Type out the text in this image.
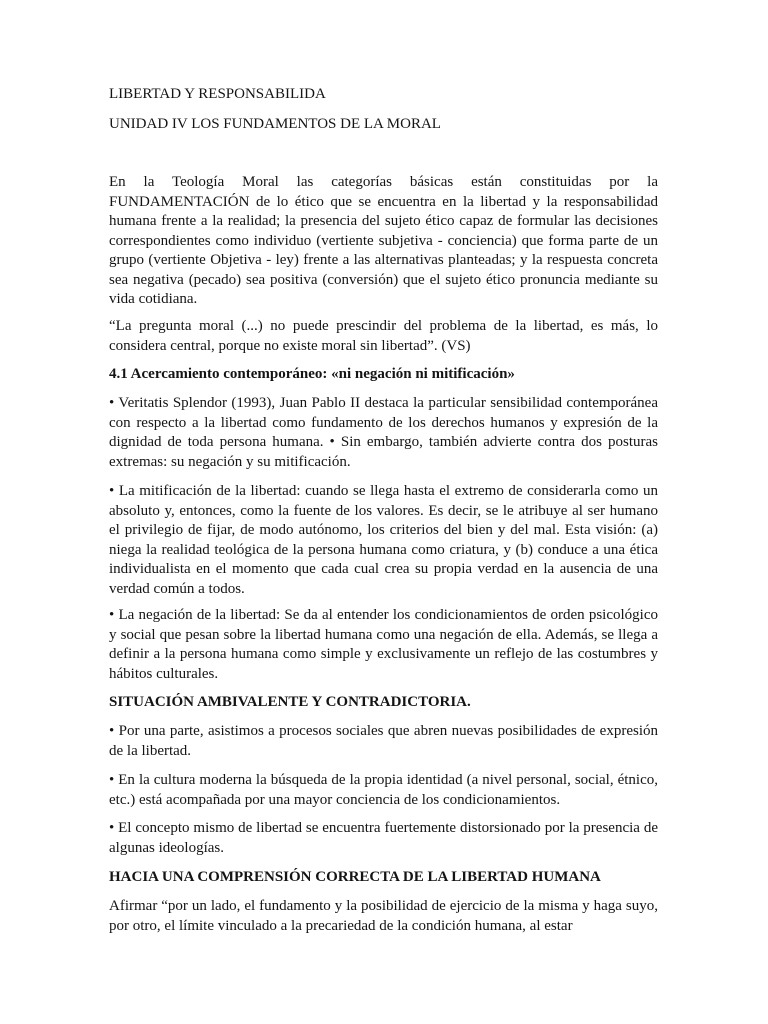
LIBERTAD Y RESPONSABILIDA

UNIDAD IV LOS FUNDAMENTOS DE LA MORAL

En la Teología Moral las categorías básicas están constituidas por la FUNDAMENTACIÓN de lo ético que se encuentra en la libertad y la responsabilidad humana frente a la realidad; la presencia del sujeto ético capaz de formular las decisiones correspondientes como individuo (vertiente subjetiva - conciencia) que forma parte de un grupo (vertiente Objetiva - ley) frente a las alternativas planteadas; y la respuesta concreta sea negativa (pecado) sea positiva (conversión) que el sujeto ético pronuncia mediante su vida cotidiana.

“La pregunta moral (...) no puede prescindir del problema de la libertad, es más, lo considera central, porque no existe moral sin libertad”. (VS)

4.1 Acercamiento contemporáneo: «ni negación ni mitificación»

• Veritatis Splendor (1993), Juan Pablo II destaca la particular sensibilidad contemporánea con respecto a la libertad como fundamento de los derechos humanos y expresión de la dignidad de toda persona humana. • Sin embargo, también advierte contra dos posturas extremas: su negación y su mitificación.

• La mitificación de la libertad: cuando se llega hasta el extremo de considerarla como un absoluto y, entonces, como la fuente de los valores. Es decir, se le atribuye al ser humano el privilegio de fijar, de modo autónomo, los criterios del bien y del mal. Esta visión: (a) niega la realidad teológica de la persona humana como criatura, y (b) conduce a una ética individualista en el momento que cada cual crea su propia verdad en la ausencia de una verdad común a todos.

• La negación de la libertad: Se da al entender los condicionamientos de orden psicológico y social que pesan sobre la libertad humana como una negación de ella. Además, se llega a definir a la persona humana como simple y exclusivamente un reflejo de las costumbres y hábitos culturales.

SITUACIÓN AMBIVALENTE Y CONTRADICTORIA.

• Por una parte, asistimos a procesos sociales que abren nuevas posibilidades de expresión de la libertad.

• En la cultura moderna la búsqueda de la propia identidad (a nivel personal, social, étnico, etc.) está acompañada por una mayor conciencia de los condicionamientos.

• El concepto mismo de libertad se encuentra fuertemente distorsionado por la presencia de algunas ideologías.

HACIA UNA COMPRENSIÓN CORRECTA DE LA LIBERTAD HUMANA

Afirmar “por un lado, el fundamento y la posibilidad de ejercicio de la misma y haga suyo, por otro, el límite vinculado a la precariedad de la condición humana, al estar
